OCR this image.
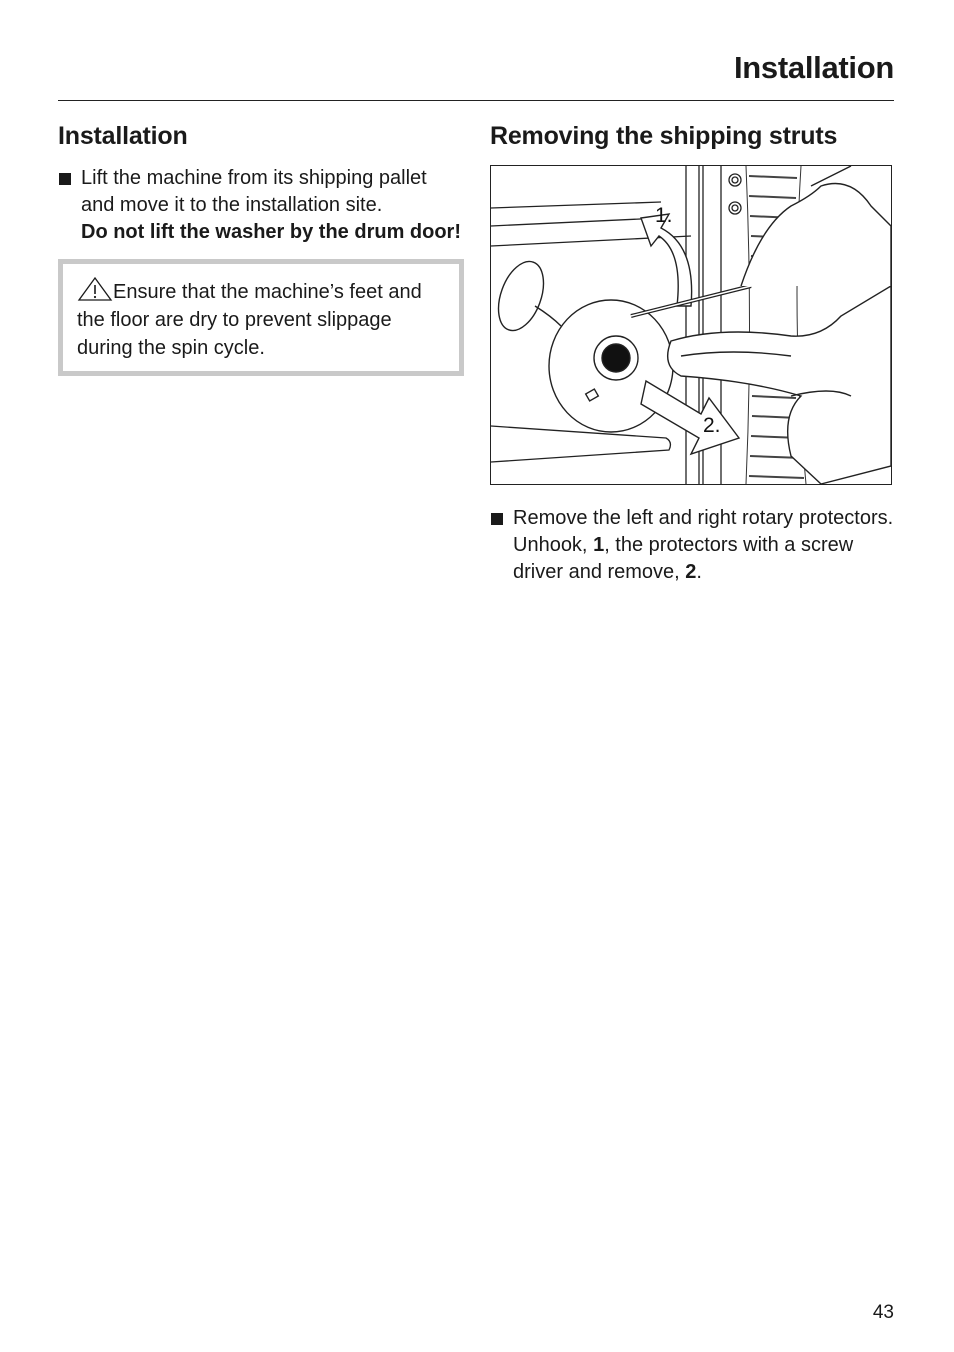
Installation
Installation
Lift the machine from its shipping pallet and move it to the installation site.
Do not lift the washer by the drum door!
Ensure that the machine’s feet and the floor are dry to prevent slippage during the spin cycle.
Removing the shipping struts
1.
2.
Remove the left and right rotary protectors. Unhook, 1, the protectors with a screw driver and remove, 2.
43
